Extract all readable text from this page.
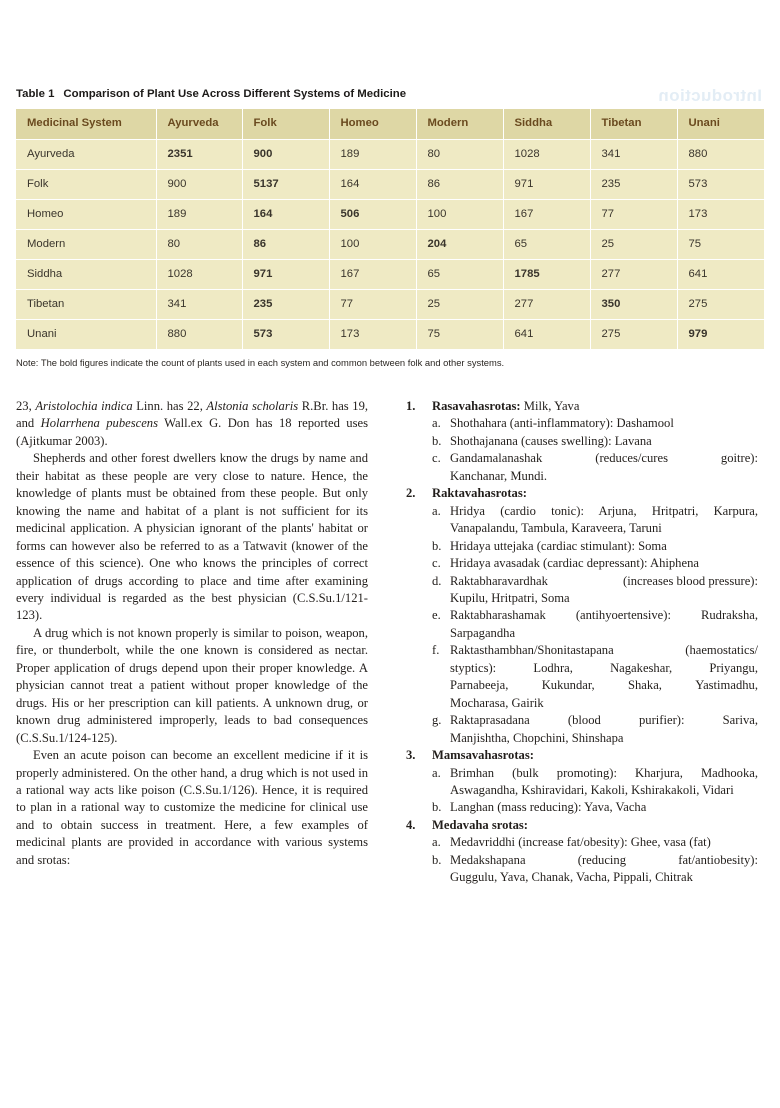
Introduction
Table 1 Comparison of Plant Use Across Different Systems of Medicine
Medicinal System	Ayurveda	Folk	Homeo	Modern	Siddha	Tibetan	Unani
Ayurveda	2351	900	189	80	1028	341	880
Folk	900	5137	164	86	971	235	573
Homeo	189	164	506	100	167	77	173
Modern	80	86	100	204	65	25	75
Siddha	1028	971	167	65	1785	277	641
Tibetan	341	235	77	25	277	350	275
Unani	880	573	173	75	641	275	979
Note: The bold figures indicate the count of plants used in each system and common between folk and other systems.

23, Aristolochia indica Linn. has 22, Alstonia scholaris R.Br. has 19, and Holarrhena pubescens Wall.ex G. Don has 18 reported uses (Ajitkumar 2003).

Shepherds and other forest dwellers know the drugs by name and their habitat as these people are very close to nature. Hence, the knowledge of plants must be obtained from these people. But only knowing the name and habitat of a plant is not sufficient for its medicinal application. A physician ignorant of the plants' habitat or forms can however also be referred to as a Tatwavit (knower of the essence of this science). One who knows the principles of correct application of drugs according to place and time after examining every individual is regarded as the best physician (C.S.Su.1/121-123).

A drug which is not known properly is similar to poison, weapon, fire, or thunderbolt, while the one known is considered as nectar. Proper application of drugs depend upon their proper knowledge. A physician cannot treat a patient without proper knowledge of the drugs. His or her prescription can kill patients. A unknown drug, or known drug administered improperly, leads to bad consequences (C.S.Su.1/124-125).

Even an acute poison can become an excellent medicine if it is properly administered. On the other hand, a drug which is not used in a rational way acts like poison (C.S.Su.1/126). Hence, it is required to plan in a rational way to customize the medicine for clinical use and to obtain success in treatment. Here, a few examples of medicinal plants are provided in accordance with various systems and srotas:

1.	Rasavahasrotas: Milk, Yava
a. Shothahara (anti-inflammatory): Dashamool
b. Shothajanana (causes swelling): Lavana
c. Gandamalanashak	(reduces/cures	goitre):
Kanchanar, Mundi.
2.	Raktavahasrotas:
a. Hridya (cardio tonic): Arjuna, Hritpatri, Karpura, Vanapalandu, Tambula, Karaveera, Taruni
b. Hridaya uttejaka (cardiac stimulant): Soma
c. Hridaya avasadak (cardiac depressant): Ahiphena
d. Raktabharavardhak	(increases blood pressure):
Kupilu, Hritpatri, Soma
e. Raktabharashamak (antihyoertensive): Rudraksha, Sarpagandha
f. Raktasthambhan/Shonitastapana	(haemostatics/
styptics):	Lodhra,	Nagakeshar,	Priyangu,
Parnabeeja,	Kukundar,	Shaka,	Yastimadhu,
Mocharasa, Gairik
g. Raktaprasadana	(blood	purifier):	Sariva,
Manjishtha, Chopchini, Shinshapa
3.	Mamsavahasrotas:
a. Brimhan (bulk promoting): Kharjura, Madhooka, Aswagandha, Kshiravidari, Kakoli, Kshirakakoli, Vidari
b. Langhan (mass reducing): Yava, Vacha
4.	Medavaha srotas:
a. Medavriddhi (increase fat/obesity): Ghee, vasa (fat)
b. Medakshapana	(reducing	fat/antiobesity):
Guggulu, Yava, Chanak, Vacha, Pippali, Chitrak
